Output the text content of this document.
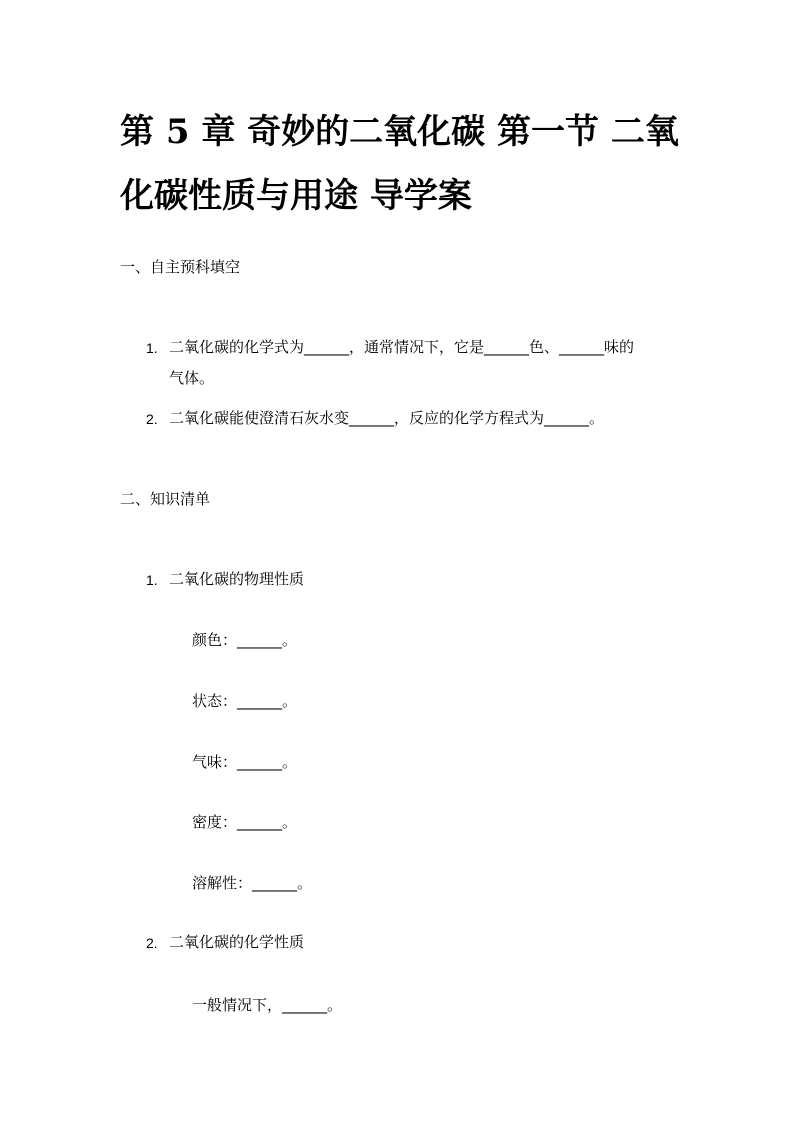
第 5 章 奇妙的二氧化碳 第一节 二氧化碳性质与用途 导学案
一、自主预科填空
1. 二氧化碳的化学式为______，通常情况下，它是______色、______味的
气体。
2. 二氧化碳能使澄清石灰水变______，反应的化学方程式为______。
二、知识清单
1. 二氧化碳的物理性质
颜色：______。
状态：______。
气味：______。
密度：______。
溶解性：______。
2. 二氧化碳的化学性质
一般情况下，______。
